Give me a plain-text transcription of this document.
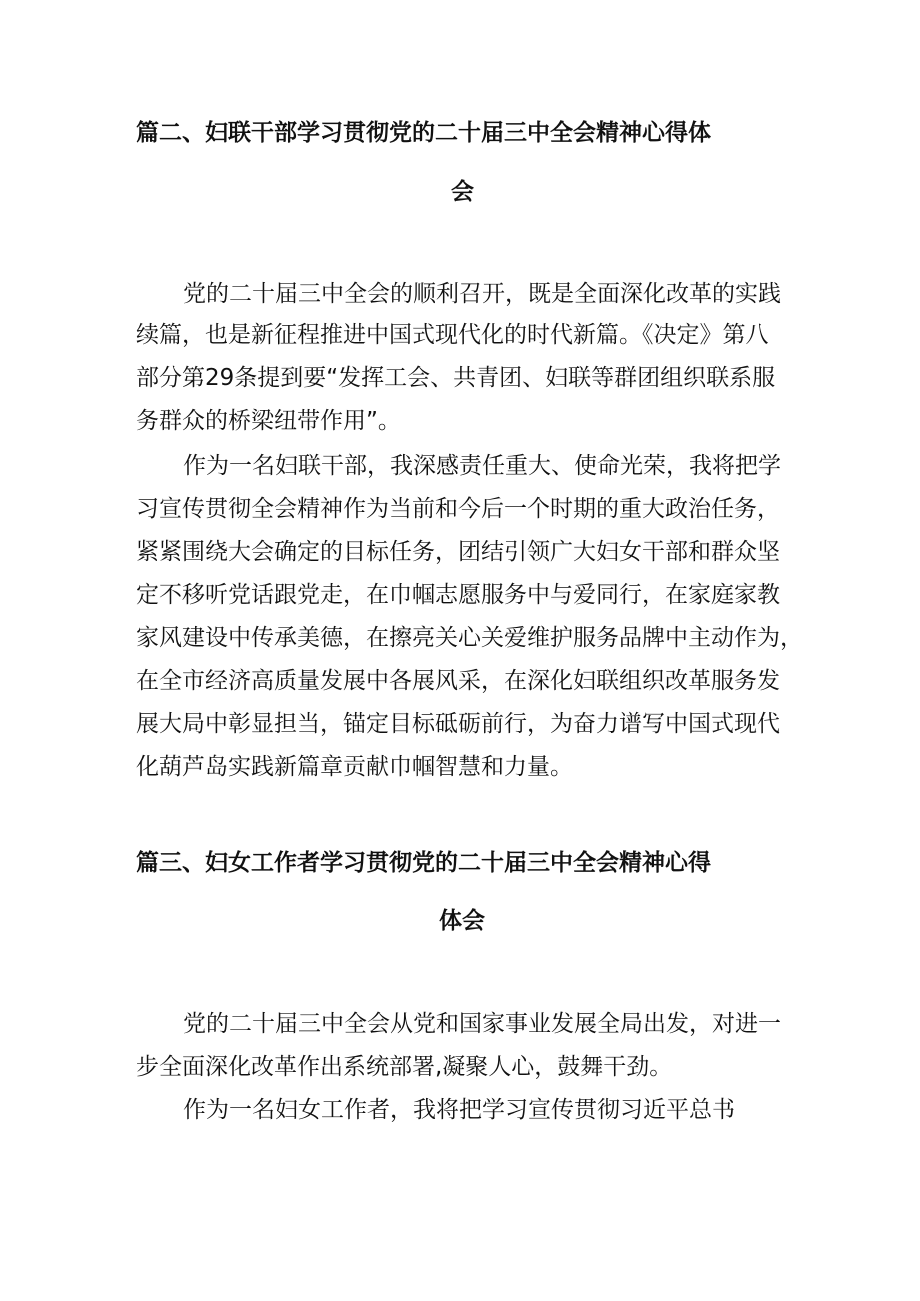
篇二、妇联干部学习贯彻党的二十届三中全会精神心得体
会
党的二十届三中全会的顺利召开，既是全面深化改革的实践
续篇，也是新征程推进中国式现代化的时代新篇。《决定》第八
部分第29条提到要“发挥工会、共青团、妇联等群团组织联系服
务群众的桥梁纽带作用”。
作为一名妇联干部，我深感责任重大、使命光荣，我将把学
习宣传贯彻全会精神作为当前和今后一个时期的重大政治任务，
紧紧围绕大会确定的目标任务，团结引领广大妇女干部和群众坚
定不移听党话跟党走，在巾帼志愿服务中与爱同行，在家庭家教
家风建设中传承美德，在擦亮关心关爱维护服务品牌中主动作为，
在全市经济高质量发展中各展风采，在深化妇联组织改革服务发
展大局中彰显担当，锚定目标砥砺前行，为奋力谱写中国式现代
化葫芦岛实践新篇章贡献巾帼智慧和力量。
篇三、妇女工作者学习贯彻党的二十届三中全会精神心得
体会
党的二十届三中全会从党和国家事业发展全局出发，对进一
步全面深化改革作出系统部署,凝聚人心，鼓舞干劲。
作为一名妇女工作者，我将把学习宣传贯彻习近平总书
